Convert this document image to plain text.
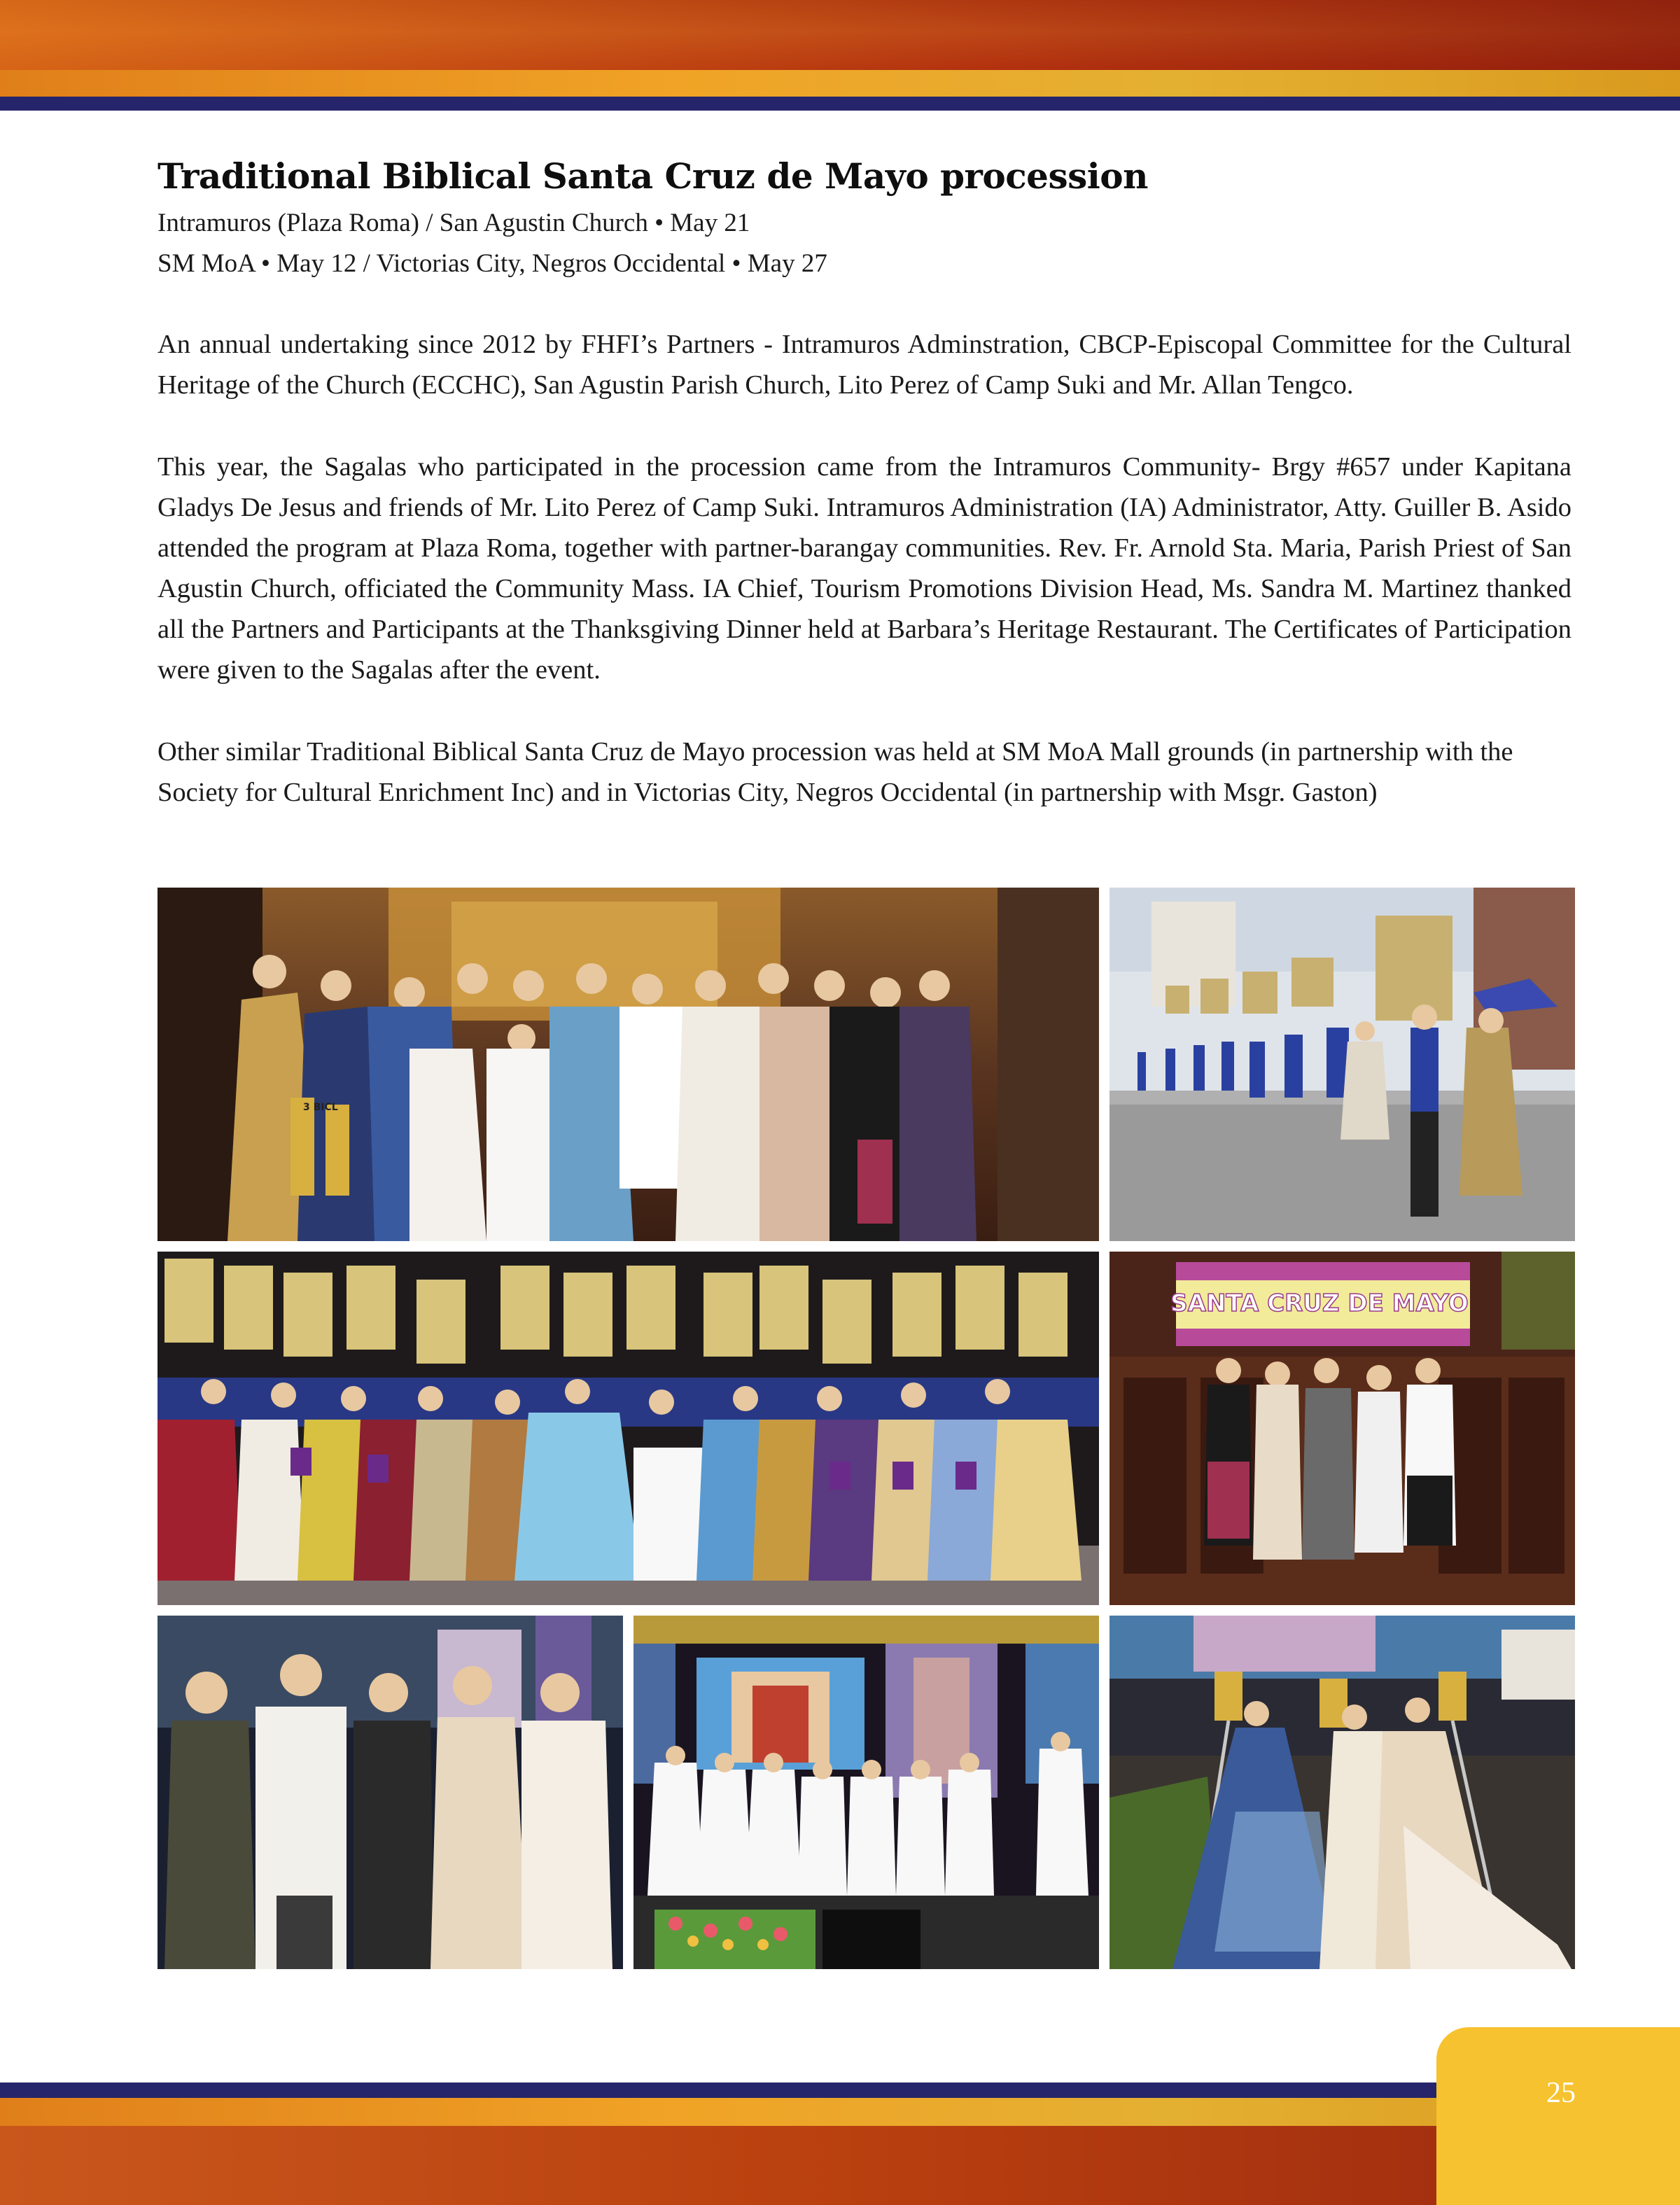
Traditional Biblical Santa Cruz de Mayo procession
Intramuros (Plaza Roma) / San Agustin Church • May 21
SM MoA • May 12 / Victorias City, Negros Occidental • May 27

An annual undertaking since 2012 by FHFI’s Partners - Intramuros Adminstration, CBCP-Episcopal Committee for the Cultural Heritage of the Church (ECCHC), San Agustin Parish Church, Lito Perez of Camp Suki and Mr. Allan Tengco.

This year, the Sagalas who participated in the procession came from the Intramuros Community- Brgy #657 under Kapitana Gladys De Jesus and friends of Mr. Lito Perez of Camp Suki. Intramuros Administration (IA) Administrator, Atty. Guiller B. Asido attended the program at Plaza Roma, together with partner-barangay communities. Rev. Fr. Arnold Sta. Maria, Parish Priest of San Agustin Church, officiated the Community Mass. IA Chief, Tourism Promotions Division Head, Ms. Sandra M. Martinez thanked all the Partners and Participants at the Thanksgiving Dinner held at Barbara’s Heritage Restaurant. The Certificates of Participation were given to the Sagalas after the event.

Other similar Traditional Biblical Santa Cruz de Mayo procession was held at SM MoA Mall grounds (in partnership with the Society for Cultural Enrichment Inc) and in Victorias City, Negros Occidental (in partnership with Msgr. Gaston)

3 BICL
SANTA CRUZ DE MAYO
25
